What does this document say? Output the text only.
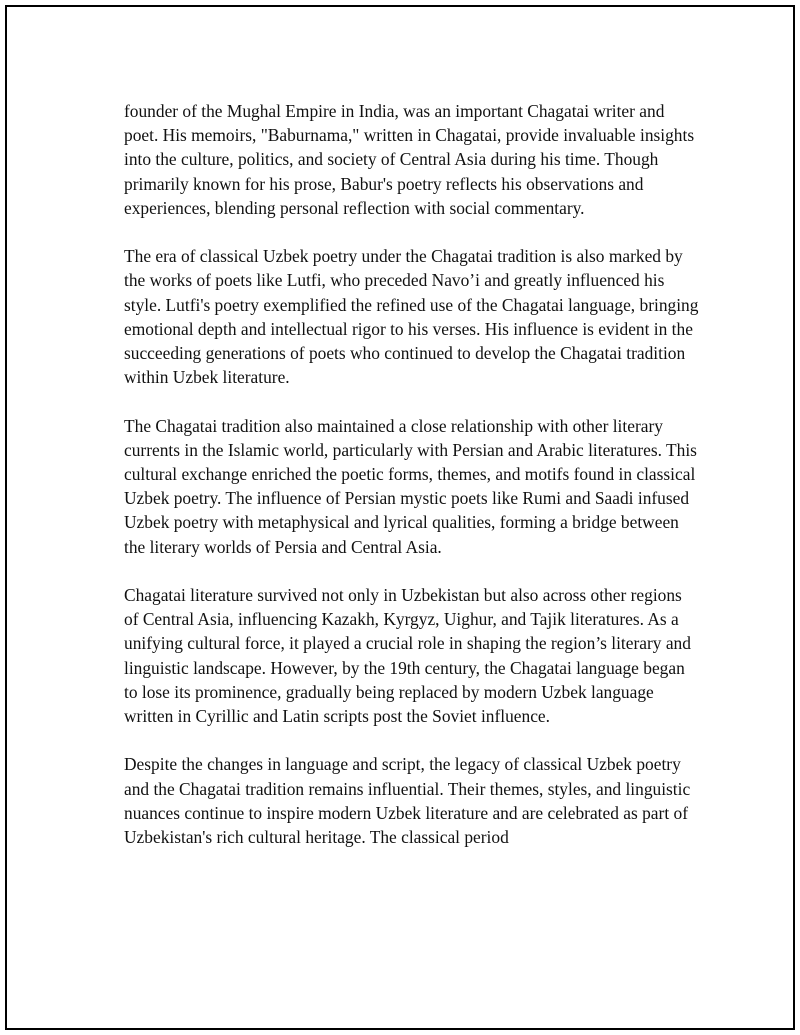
founder of the Mughal Empire in India, was an important Chagatai writer and poet. His memoirs, "Baburnama," written in Chagatai, provide invaluable insights into the culture, politics, and society of Central Asia during his time. Though primarily known for his prose, Babur's poetry reflects his observations and experiences, blending personal reflection with social commentary.

The era of classical Uzbek poetry under the Chagatai tradition is also marked by the works of poets like Lutfi, who preceded Navo’i and greatly influenced his style. Lutfi's poetry exemplified the refined use of the Chagatai language, bringing emotional depth and intellectual rigor to his verses. His influence is evident in the succeeding generations of poets who continued to develop the Chagatai tradition within Uzbek literature.

The Chagatai tradition also maintained a close relationship with other literary currents in the Islamic world, particularly with Persian and Arabic literatures. This cultural exchange enriched the poetic forms, themes, and motifs found in classical Uzbek poetry. The influence of Persian mystic poets like Rumi and Saadi infused Uzbek poetry with metaphysical and lyrical qualities, forming a bridge between the literary worlds of Persia and Central Asia.

Chagatai literature survived not only in Uzbekistan but also across other regions of Central Asia, influencing Kazakh, Kyrgyz, Uighur, and Tajik literatures. As a unifying cultural force, it played a crucial role in shaping the region’s literary and linguistic landscape. However, by the 19th century, the Chagatai language began to lose its prominence, gradually being replaced by modern Uzbek language written in Cyrillic and Latin scripts post the Soviet influence.

Despite the changes in language and script, the legacy of classical Uzbek poetry and the Chagatai tradition remains influential. Their themes, styles, and linguistic nuances continue to inspire modern Uzbek literature and are celebrated as part of Uzbekistan's rich cultural heritage. The classical period
